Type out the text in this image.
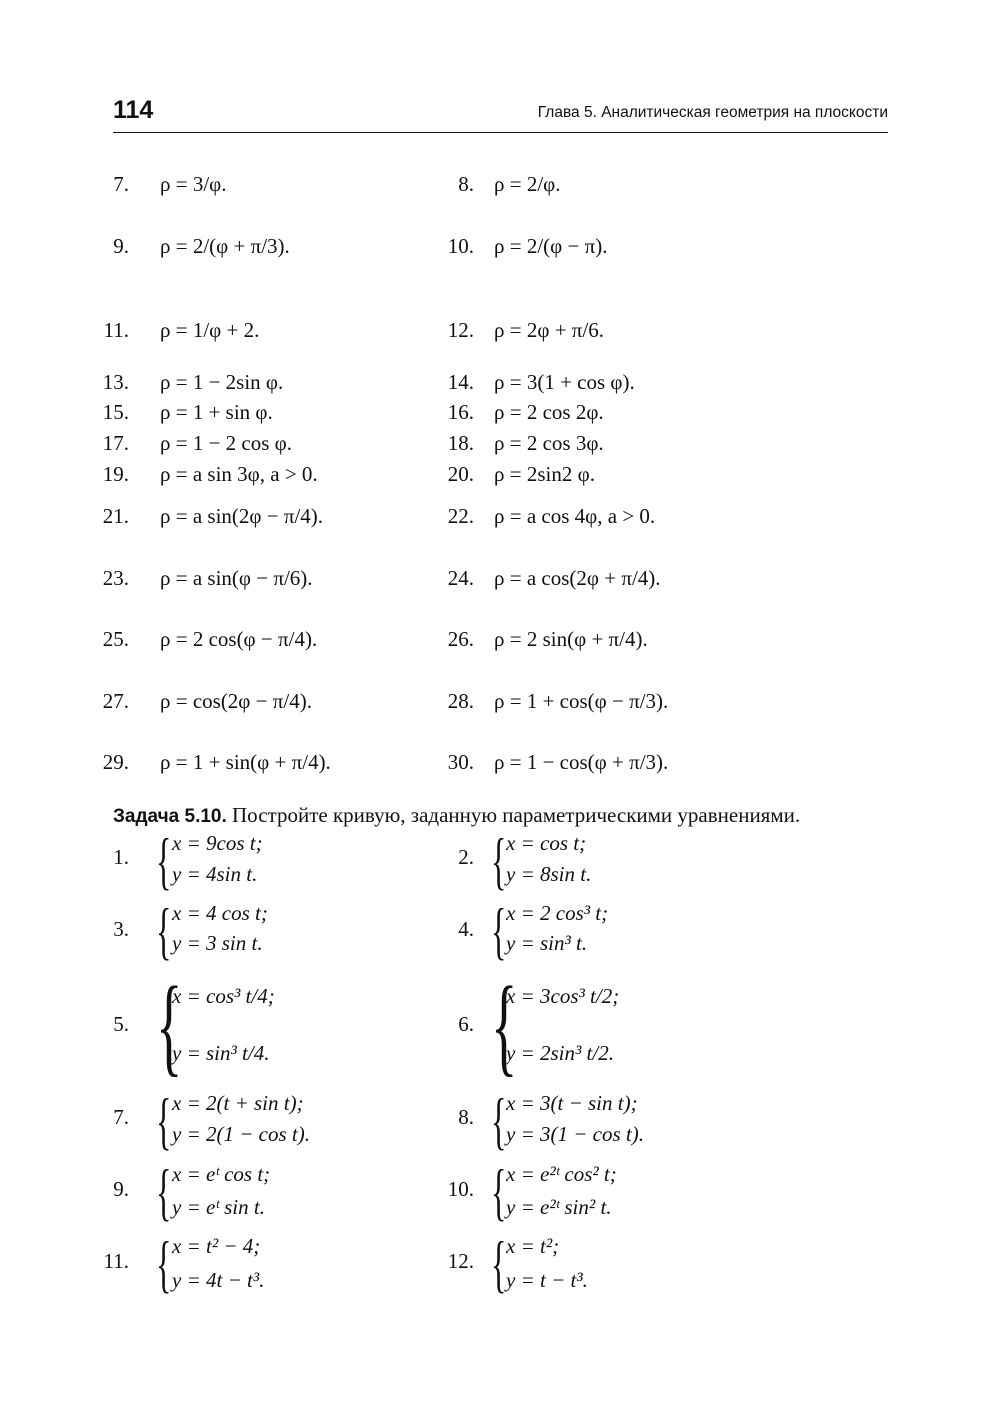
114	Глава 5. Аналитическая геометрия на плоскости
7. ρ = 3/φ.	8. ρ = 2/φ.
9. ρ = 2/(φ + π/3).	10. ρ = 2/(φ − π).
11. ρ = 1/φ + 2.	12. ρ = 2φ + π/6.
13. ρ = 1 − 2sin φ.	14. ρ = 3(1 + cos φ).
15. ρ = 1 + sin φ.	16. ρ = 2 cos 2φ.
17. ρ = 1 − 2 cos φ.	18. ρ = 2 cos 3φ.
19. ρ = a sin 3φ, a > 0.	20. ρ = 2sin2 φ.
21. ρ = a sin(2φ − π/4).	22. ρ = a cos 4φ, a > 0.
23. ρ = a sin(φ − π/6).	24. ρ = a cos(2φ + π/4).
25. ρ = 2 cos(φ − π/4).	26. ρ = 2 sin(φ + π/4).
27. ρ = cos(2φ − π/4).	28. ρ = 1 + cos(φ − π/3).
29. ρ = 1 + sin(φ + π/4).	30. ρ = 1 − cos(φ + π/3).
Задача 5.10. Постройте кривую, заданную параметрическими уравнениями.
1. { x = 9cos t;
y = 4sin t.
2. { x = cos t;
y = 8sin t.
3. { x = 4 cos t;
y = 3 sin t.
4. { x = 2 cos³ t;
y = sin³ t.
5. {
x = cos³ t/4;
y = sin³ t/4.
6. {
x = 3cos³ t/2;
y = 2sin³ t/2.
7. { x = 2(t + sin t);
y = 2(1 − cos t).
8. { x = 3(t − sin t);
y = 3(1 − cos t).
9. { x = eᵗ cos t;
y = eᵗ sin t.
10. { x = e²ᵗ cos² t;
y = e²ᵗ sin² t.
11. { x = t² − 4;
y = 4t − t³.
12. { x = t²;
y = t − t³.
